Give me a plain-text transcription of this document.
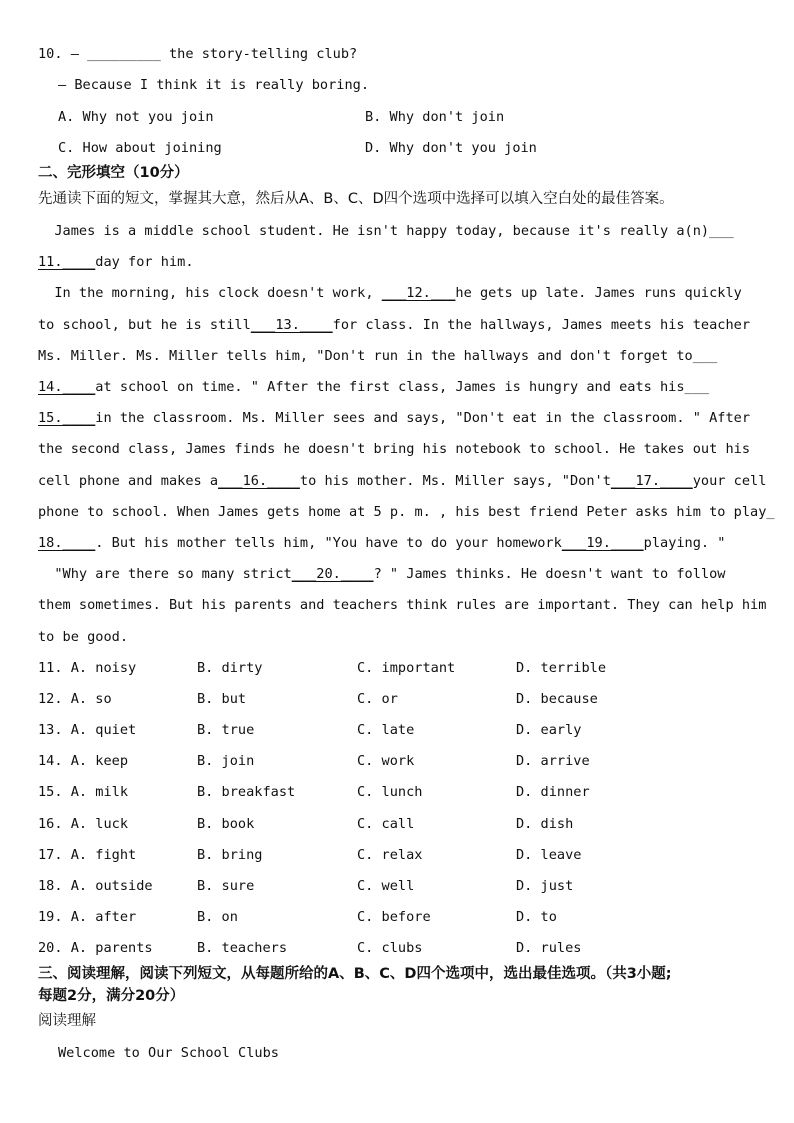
10. — _________ the story-telling club?
— Because I think it is really boring.
A. Why not you join	B. Why don't join
C. How about joining	D. Why don't you join
二、完形填空（10分）
先通读下面的短文，掌握其大意，然后从A、B、C、D四个选项中选择可以填入空白处的最佳答案。
James is a middle school student. He isn't happy today, because it's really a(n)___
11.____day for him.
In the morning, his clock doesn't work, ___12.___he gets up late. James runs quickly
to school, but he is still___13.____for class. In the hallways, James meets his teacher
Ms. Miller. Ms. Miller tells him, "Don't run in the hallways and don't forget to___
14.____at school on time. " After the first class, James is hungry and eats his___
15.____in the classroom. Ms. Miller sees and says, "Don't eat in the classroom. " After
the second class, James finds he doesn't bring his notebook to school. He takes out his
cell phone and makes a___16.____to his mother. Ms. Miller says, "Don't___17.____your cell
phone to school. When James gets home at 5 p. m. , his best friend Peter asks him to play_
18.____. But his mother tells him, "You have to do your homework___19.____playing. "
"Why are there so many strict___20.____? " James thinks. He doesn't want to follow
them sometimes. But his parents and teachers think rules are important. They can help him
to be good.
11. A. noisy	B. dirty	C. important	D. terrible
12. A. so	B. but	C. or	D. because
13. A. quiet	B. true	C. late	D. early
14. A. keep	B. join	C. work	D. arrive
15. A. milk	B. breakfast	C. lunch	D. dinner
16. A. luck	B. book	C. call	D. dish
17. A. fight	B. bring	C. relax	D. leave
18. A. outside	B. sure	C. well	D. just
19. A. after	B. on	C. before	D. to
20. A. parents	B. teachers	C. clubs	D. rules
三、阅读理解，阅读下列短文，从每题所给的A、B、C、D四个选项中，选出最佳选项。（共3小题;
每题2分，满分20分）
阅读理解
Welcome to Our School Clubs
